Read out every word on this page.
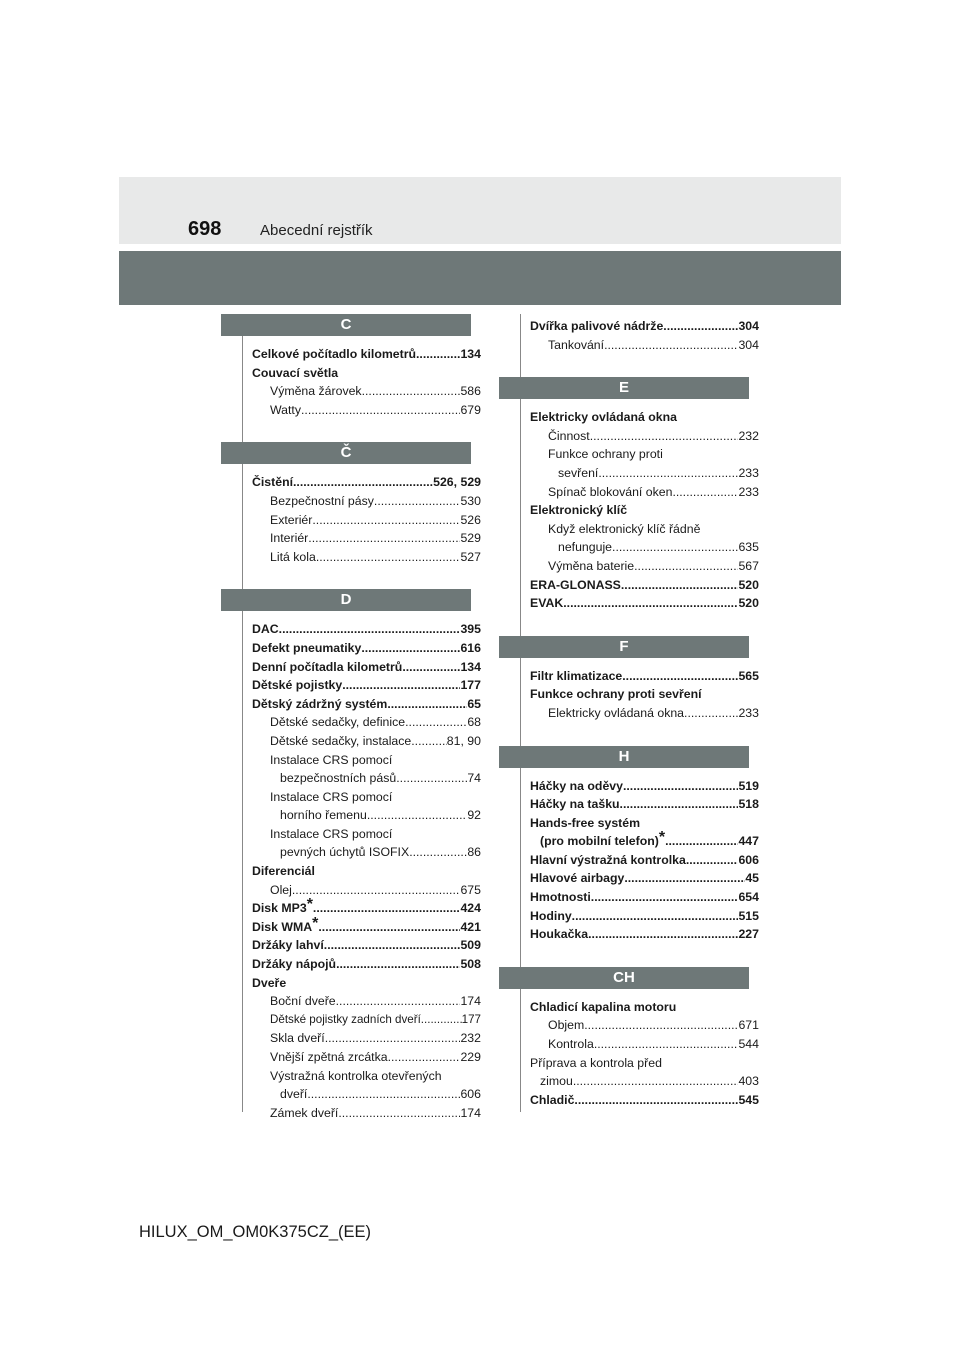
698	Abecední rejstřík
C
Celkové počítadlo kilometrů .....	134
Couvací světla
Výměna žárovek .....	586
Watty .....	679
Č
Čistění .....	526, 529
Bezpečnostní pásy .....	530
Exteriér .....	526
Interiér .....	529
Litá kola .....	527
D
DAC .....	395
Defekt pneumatiky .....	616
Denní počítadla kilometrů .....	134
Dětské pojistky .....	177
Dětský zádržný systém .....	65
Dětské sedačky, definice .....	68
Dětské sedačky, instalace .....	81, 90
Instalace CRS pomocí
bezpečnostních pásů .....	74
Instalace CRS pomocí
horního řemenu .....	92
Instalace CRS pomocí
pevných úchytů ISOFIX .....	86
Diferenciál
Olej .....	675
Disk MP3* .....	424
Disk WMA* .....	421
Držáky lahví .....	509
Držáky nápojů .....	508
Dveře
Boční dveře .....	174
Dětské pojistky zadních dveří .....	177
Skla dveří .....	232
Vnější zpětná zrcátka .....	229
Výstražná kontrolka otevřených
dveří .....	606
Zámek dveří .....	174
Dvířka palivové nádrže .....	304
Tankování .....	304
E
Elektricky ovládaná okna
Činnost .....	232
Funkce ochrany proti
sevření .....	233
Spínač blokování oken .....	233
Elektronický klíč
Když elektronický klíč řádně
nefunguje .....	635
Výměna baterie .....	567
ERA-GLONASS .....	520
EVAK .....	520
F
Filtr klimatizace .....	565
Funkce ochrany proti sevření
Elektricky ovládaná okna .....	233
H
Háčky na oděvy .....	519
Háčky na tašku .....	518
Hands-free systém
(pro mobilní telefon)* .....	447
Hlavní výstražná kontrolka .....	606
Hlavové airbagy .....	45
Hmotnosti .....	654
Hodiny .....	515
Houkačka .....	227
CH
Chladicí kapalina motoru
Objem .....	671
Kontrola .....	544
Příprava a kontrola před
zimou .....	403
Chladič .....	545
HILUX_OM_OM0K375CZ_(EE)
